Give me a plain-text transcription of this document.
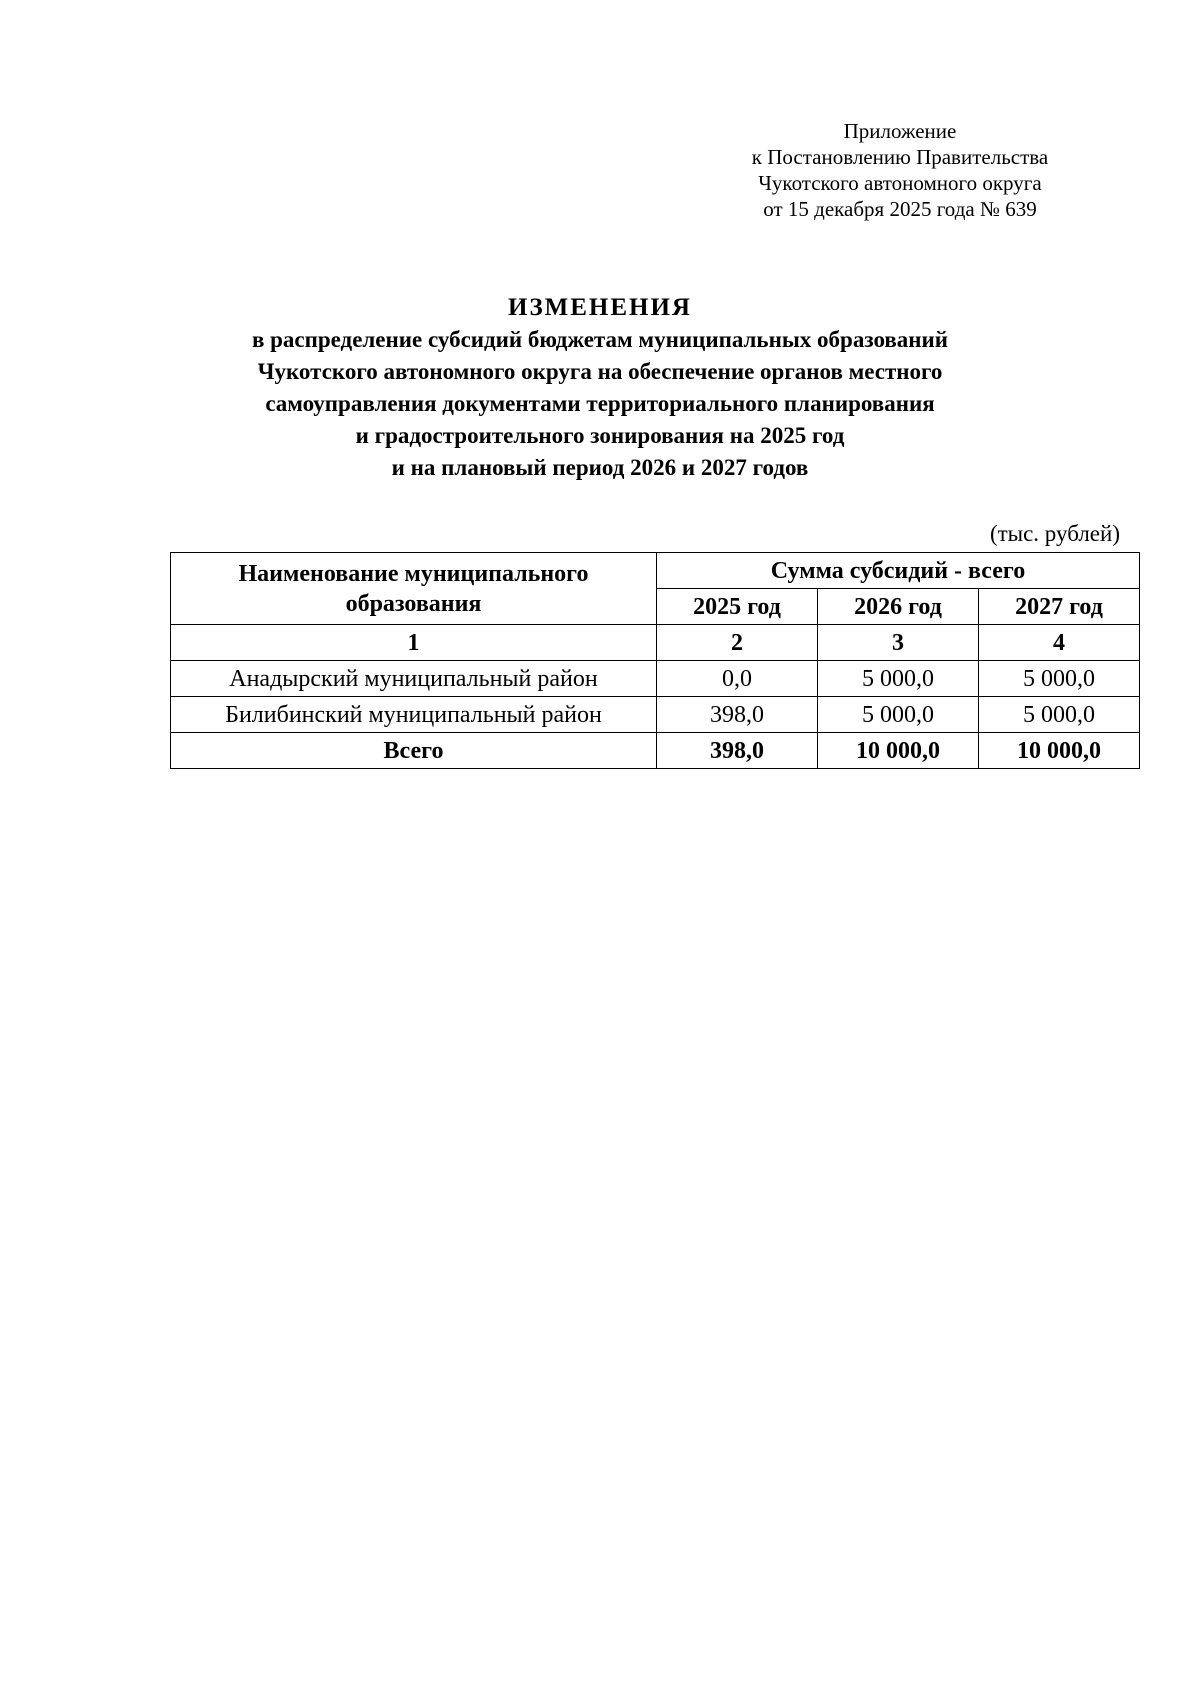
Приложение
к Постановлению Правительства
Чукотского автономного округа
от 15 декабря 2025 года № 639
ИЗМЕНЕНИЯ
в распределение субсидий бюджетам муниципальных образований
Чукотского автономного округа на обеспечение органов местного
самоуправления документами территориального планирования
и градостроительного зонирования на 2025 год
и на плановый период 2026 и 2027 годов
(тыс. рублей)
Наименование муниципального образования	Сумма субсидий - всего		
	2025 год	2026 год	2027 год
1	2	3	4
Анадырский муниципальный район	0,0	5 000,0	5 000,0
Билибинский муниципальный район	398,0	5 000,0	5 000,0
Всего	398,0	10 000,0	10 000,0
